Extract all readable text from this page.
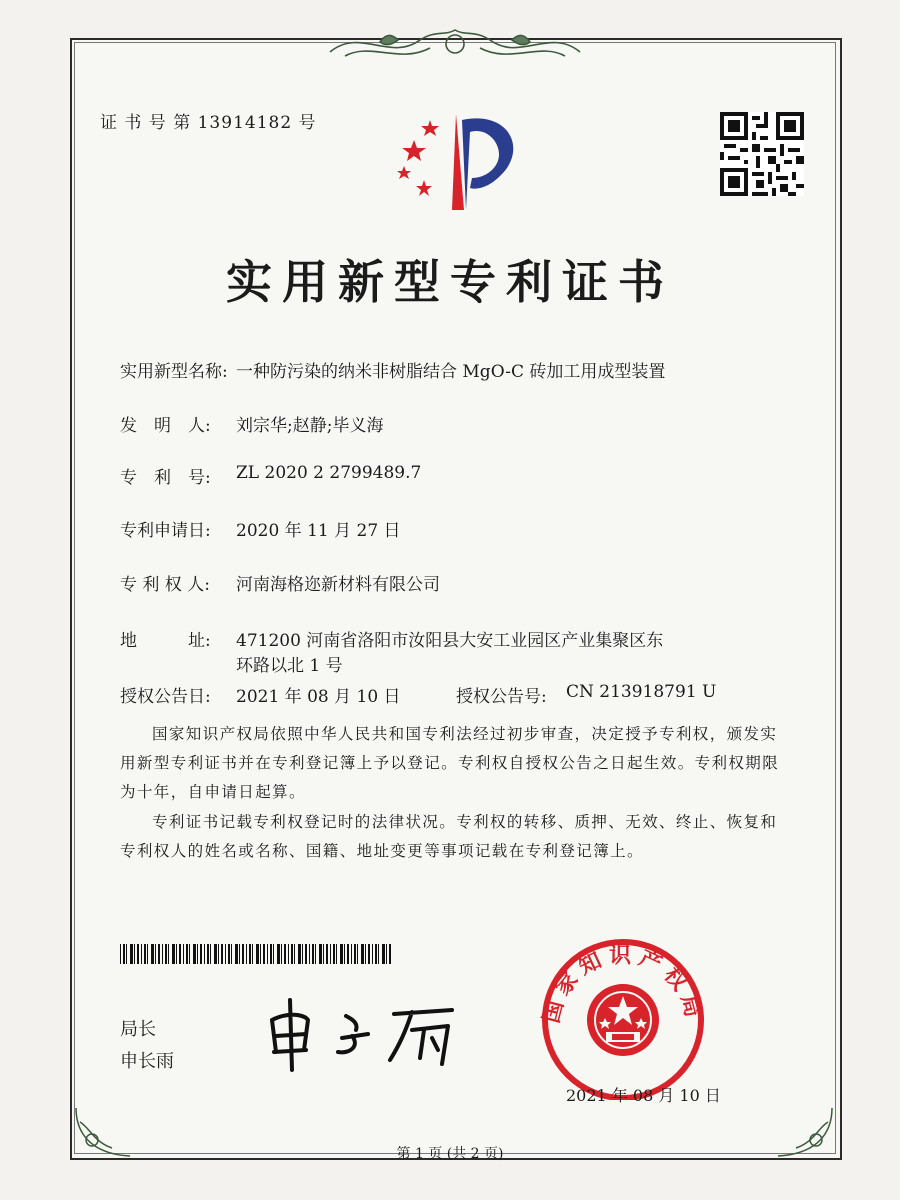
证 书 号 第 13914182 号
实用新型专利证书
实用新型名称: 一种防污染的纳米非树脂结合 MgO-C 砖加工用成型装置
发　明　人: 刘宗华;赵静;毕义海
专　利　号: ZL 2020 2 2799489.7
专利申请日: 2020 年 11 月 27 日
专 利 权 人: 河南海格迩新材料有限公司
地　　　址: 471200 河南省洛阳市汝阳县大安工业园区产业集聚区东
环路以北 1 号
授权公告日: 2021 年 08 月 10 日	授权公告号: CN 213918791 U
国家知识产权局依照中华人民共和国专利法经过初步审查，决定授予专利权，颁发实用新型专利证书并在专利登记簿上予以登记。专利权自授权公告之日起生效。专利权期限为十年，自申请日起算。
专利证书记载专利权登记时的法律状况。专利权的转移、质押、无效、终止、恢复和专利权人的姓名或名称、国籍、地址变更等事项记载在专利登记簿上。
局长
申长雨
国家知识产权局
2021 年 08 月 10 日
第 1 页 (共 2 页)
